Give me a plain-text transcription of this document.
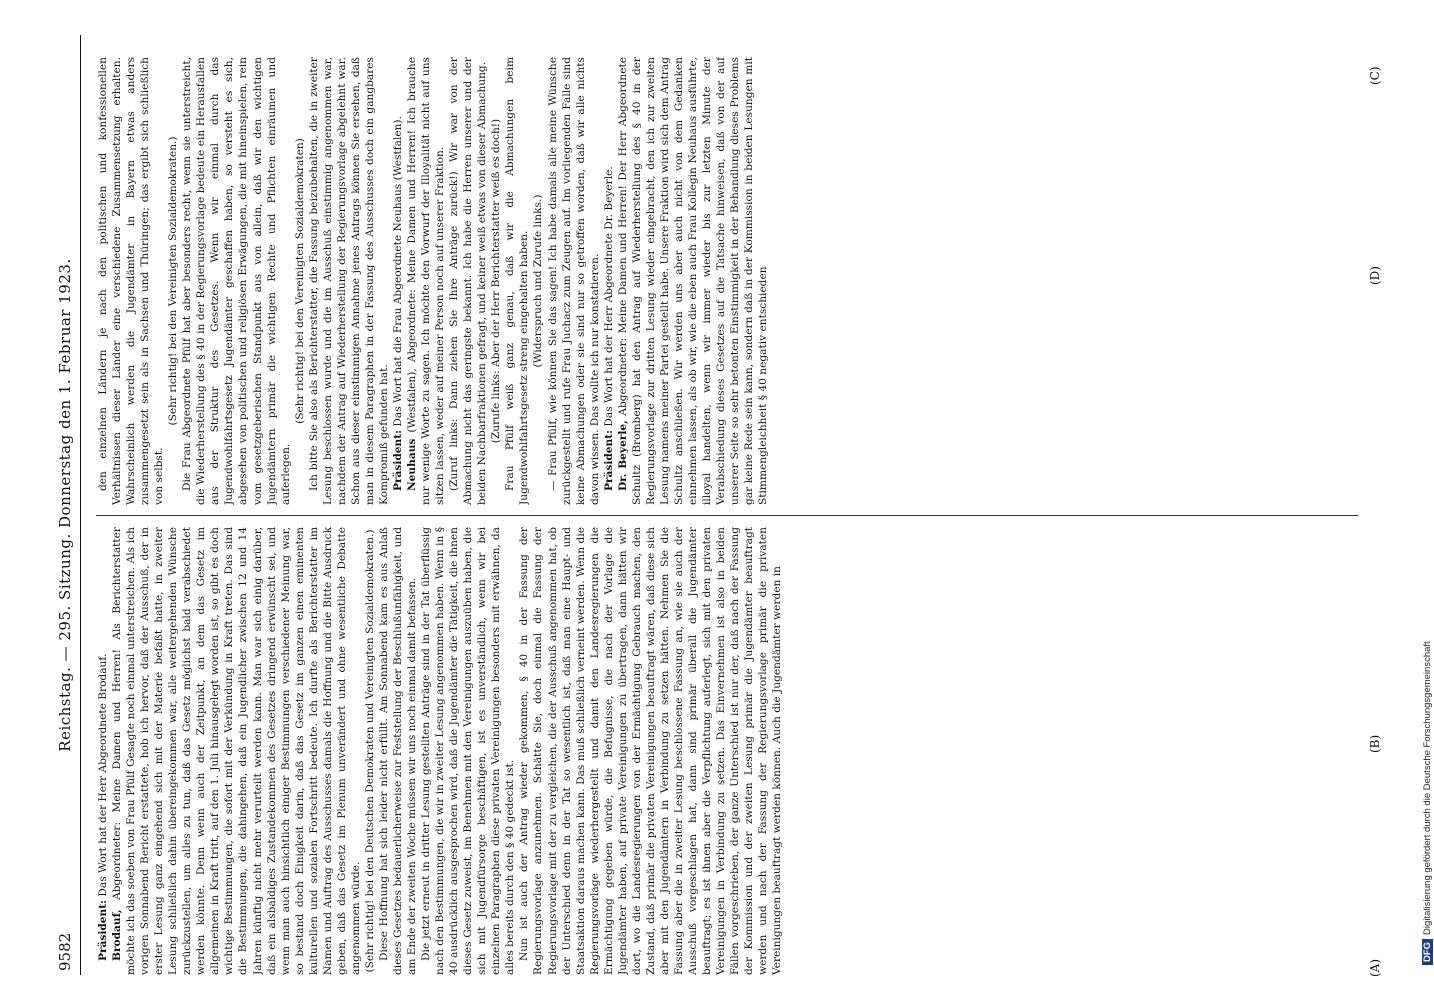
9582
Reichstag. — 295. Sitzung. Donnerstag den 1. Februar 1923.

Präsident: Das Wort hat der Herr Abgeordnete Brodauf.

Brodauf, Abgeordneter: Meine Damen und Herren! Als Berichterstatter möchte ich das soeben von Frau Pfülf Gesagte noch einmal unterstreichen. Als ich vorigen Sonnabend Bericht erstattete, hob ich hervor, daß der Ausschuß, der in erster Lesung ganz eingehend sich mit der Materie befaßt hatte, in zweiter Lesung schließlich dahin übereingekommen war, alle weitergehenden Wünsche zurückzustellen, um alles zu tun, daß das Gesetz möglichst bald verabschiedet werden könnte. Denn wenn auch der Zeitpunkt, an dem das Gesetz im allgemeinen in Kraft tritt, auf den 1. Juli hinausgelegt worden ist, so gibt es doch wichtige Bestimmungen, die sofort mit der Verkündung in Kraft treten. Das sind die Bestimmungen, die dahingehen, daß ein Jugendlicher zwischen 12 und 14 Jahren künftig nicht mehr verurteilt werden kann. Man war sich einig darüber, daß ein alsbaldiges Zustandekommen des Gesetzes dringend erwünscht sei, und wenn man auch hinsichtlich einiger Bestimmungen verschiedener Meinung war, so bestand doch Einigkeit darin, daß das Gesetz im ganzen einen eminenten kulturellen und sozialen Fortschritt bedeute. Ich durfte als Berichterstatter im Namen und Auftrag des Ausschusses damals die Hoffnung und die Bitte Ausdruck geben, daß das Gesetz im Plenum unverändert und ohne wesentliche Debatte angenommen würde. (Sehr richtig! bei den Deutschen Demokraten und Vereinigten Sozialdemokraten.) Diese Hoffnung hat sich leider nicht erfüllt. Am Sonnabend kam es aus Anlaß dieses Gesetzes bedauerlicherweise zur Feststellung der Beschlußunfähigkeit, und am Ende der zweiten Woche müssen wir uns noch einmal damit befassen. Die jetzt erneut in dritter Lesung gestellten Anträge sind in der Tat überflüssig nach den Bestimmungen, die wir in zweiter Lesung angenommen haben. Wenn in § 40 ausdrücklich ausgesprochen wird, daß die Jugendämter die Tätigkeit, die ihnen dieses Gesetz zuweist, im Benehmen mit den Vereinigungen auszuüben haben, die sich mit Jugendfürsorge beschäftigen, ist es unverständlich, wenn wir bei einzelnen Paragraphen diese privaten Vereinigungen besonders mit erwähnen, da alles bereits durch den § 40 gedeckt ist. Nun ist auch der Antrag wieder gekommen, § 40 in der Fassung der Regierungsvorlage anzunehmen. Schätte Sie, doch einmal die Fassung der Regierungsvorlage mit der zu vergleichen, die der Ausschuß angenommen hat, ob der Unterschied denn in der Tat so wesentlich ist, daß man eine Haupt- und Staatsaktion daraus machen kann. Das muß schließlich verneint werden. Wenn die Regierungsvorlage wiederhergestellt und damit den Landesregierungen die Ermächtigung gegeben würde, die Befugnisse, die nach der Vorlage die Jugendämter haben, auf private Vereinigungen zu übertragen, dann hätten wir dort, wo die Landesregierungen von der Ermächtigung Gebrauch machen, den Zustand, daß primär die privaten Vereinigungen beauftragt wären, daß diese sich aber mit den Jugendämtern in Verbindung zu setzen hätten. Nehmen Sie die Fassung aber die in zweiter Lesung beschlossene Fassung an, wie sie auch der Ausschuß vorgeschlagen hat, dann sind primär überall die Jugendämter beauftragt; es ist ihnen aber die Verpflichtung auferlegt, sich mit den privaten Vereinigungen in Verbindung zu setzen. Das Einvernehmen ist also in beiden Fällen vorgeschrieben, der ganze Unterschied ist nur der, daß nach der Fassung der Kommission und der zweiten Lesung primär die Jugendämter beauftragt werden und nach der Fassung der Regierungsvorlage primär die privaten Vereinigungen beauftragt werden können. Auch die Jugendämter werden in

den einzelnen Ländern je nach den politischen und konfessionellen Verhältnissen dieser Länder eine verschiedene Zusammensetzung erhalten. Wahrscheinlich werden die Jugendämter in Bayern etwas anders zusammengesetzt sein als in Sachsen und Thüringen; das ergibt sich schließlich von selbst.

(Sehr richtig! bei den Vereinigten Sozialdemokraten.) Die Frau Abgeordnete Pfülf hat aber besonders recht, wenn sie unterstreicht, die Wiederherstellung des § 40 in der Regierungsvorlage bedeute ein Herausfallen aus der Struktur des Gesetzes. Wenn wir einmal durch das Jugendwohlfahrtsgesetz Jugendämter geschaffen haben, so versteht es sich, abgesehen von politischen und religiösen Erwägungen, die mit hineinspielen, rein vom gesetzgeberischen Standpunkt aus von allein, daß wir den wichtigen Jugendämtern primär die wichtigen Rechte und Pflichten einräumen und auferlegen.

(Sehr richtig! bei den Vereinigten Sozialdemokraten) Ich bitte Sie also als Berichterstatter, die Fassung beizubehalten, die in zweiter Lesung beschlossen wurde und die im Ausschuß einstimmig angenommen war, nachdem der Antrag auf Wiederherstellung der Regierungsvorlage abgelehnt war. Schon aus dieser einstimmigen Annahme jenes Antrags können Sie ersehen, daß man in diesem Paragraphen in der Fassung des Ausschusses doch ein gangbares Kompromiß gefunden hat. Präsident: Das Wort hat die Frau Abgeordnete Neuhaus (Westfalen).

Neuhaus (Westfalen), Abgeordnete: Meine Damen und Herren! Ich brauche nur wenige Worte zu sagen. Ich möchte den Vorwurf der Illoyalität nicht auf uns sitzen lassen, weder auf meiner Person noch auf unserer Fraktion. (Zuruf links: Dann ziehen Sie Ihre Anträge zurück!) Wir war von der Abmachung nicht das geringste bekannt. Ich habe die Herren unserer und der beiden Nachbarfraktionen gefragt, und keiner weiß etwas von dieser Abmachung. (Zurufe links: Aber der Herr Berichterstatter weiß es doch!) Frau Pfülf weiß ganz genau, daß wir die Abmachungen beim Jugendwohlfahrtsgesetz streng eingehalten haben. (Widerspruch und Zurufe links.) — Frau Pfülf, wie können Sie das sagen! Ich habe damals alle meine Wünsche zurückgestellt und rufe Frau Juchacz zum Zeugen auf. Im vorliegenden Falle sind keine Abmachungen oder sie sind nur so getroffen worden, daß wir alle nichts davon wissen. Das wollte ich nur konstatieren. Präsident: Das Wort hat der Herr Abgeordnete Dr. Beyerle.

Dr. Beyerle, Abgeordneter: Meine Damen und Herren! Der Herr Abgeordnete Schultz (Bromberg) hat den Antrag auf Wiederherstellung des § 40 in der Regierungsvorlage zur dritten Lesung wieder eingebracht, den ich zur zweiten Lesung namens meiner Partei gestellt habe. Unsere Fraktion wird sich dem Antrag Schultz anschließen. Wir werden uns aber auch nicht von dem Gedanken einnehmen lassen, als ob wir, wie die eben auch Frau Kollegin Neuhaus ausführte, illoyal handelten, wenn wir immer wieder bis zur letzten Minute der Verabschiedung dieses Gesetzes auf die Tatsache hinweisen, daß von der auf unserer Seite so sehr betonten Einstimmigkeit in der Behandlung dieses Problems gar keine Rede sein kann, sondern daß in der Kommission in beiden Lesungen mit Stimmengleichheit § 40 negativ entschieden

(A)
(B)
(C)
(D)
DFGDigitalisierung gefördert durch die Deutsche Forschungsgemeinschaft
